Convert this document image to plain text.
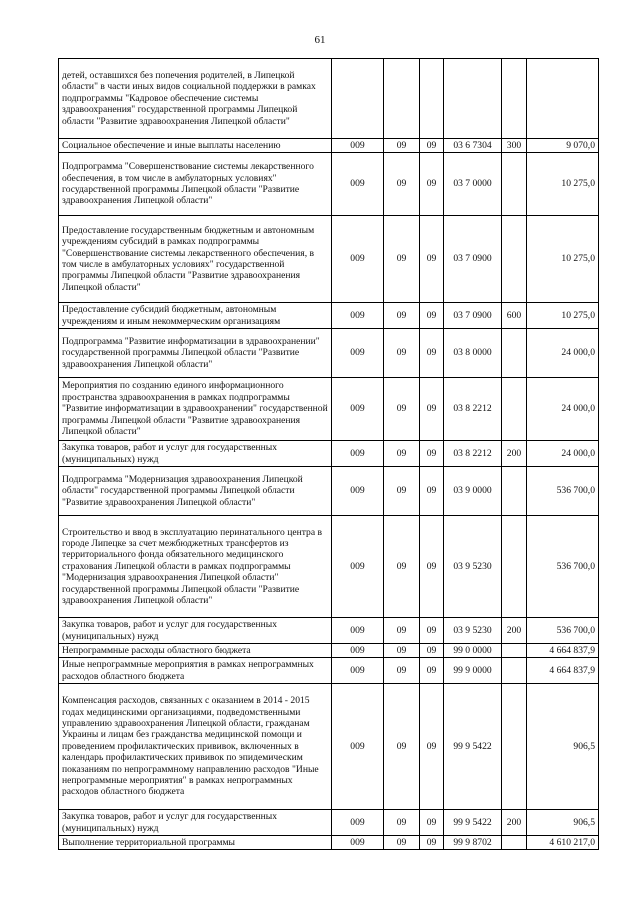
61
детей, оставшихся без попечения родителей, в Липецкой области" в части иных видов социальной поддержки в рамках подпрограммы "Кадровое обеспечение системы здравоохранения" государственной программы Липецкой области "Развитие здравоохранения Липецкой области"						
Социальное обеспечение и иные выплаты населению	009	09	09	03 6 7304	300	9 070,0
Подпрограмма "Совершенствование системы лекарственного обеспечения, в том числе в амбулаторных условиях" государственной программы Липецкой области "Развитие здравоохранения Липецкой области"	009	09	09	03 7 0000		10 275,0
Предоставление государственным бюджетным и автономным учреждениям субсидий в рамках подпрограммы "Совершенствование системы лекарственного обеспечения, в том числе в амбулаторных условиях" государственной программы Липецкой области "Развитие здравоохранения Липецкой области"	009	09	09	03 7 0900		10 275,0
Предоставление субсидий бюджетным, автономным учреждениям и иным некоммерческим организациям	009	09	09	03 7 0900	600	10 275,0
Подпрограмма "Развитие информатизации в здравоохранении" государственной программы Липецкой области "Развитие здравоохранения Липецкой области"	009	09	09	03 8 0000		24 000,0
Мероприятия по созданию единого информационного пространства здравоохранения в рамках подпрограммы "Развитие информатизации в здравоохранении" государственной программы Липецкой области "Развитие здравоохранения Липецкой области"	009	09	09	03 8 2212		24 000,0
Закупка товаров, работ и услуг для государственных (муниципальных) нужд	009	09	09	03 8 2212	200	24 000,0
Подпрограмма "Модернизация здравоохранения Липецкой области" государственной программы Липецкой области "Развитие здравоохранения Липецкой области"	009	09	09	03 9 0000		536 700,0
Строительство и ввод в эксплуатацию перинатального центра в городе Липецке за счет межбюджетных трансфертов из территориального фонда обязательного медицинского страхования Липецкой области в рамках подпрограммы "Модернизация здравоохранения Липецкой области" государственной программы Липецкой области "Развитие здравоохранения Липецкой области"	009	09	09	03 9 5230		536 700,0
Закупка товаров, работ и услуг для государственных (муниципальных) нужд	009	09	09	03 9 5230	200	536 700,0
Непрограммные расходы областного бюджета	009	09	09	99 0 0000		4 664 837,9
Иные непрограммные мероприятия в рамках непрограммных расходов областного бюджета	009	09	09	99 9 0000		4 664 837,9
Компенсация расходов, связанных с оказанием в 2014 - 2015 годах медицинскими организациями, подведомственными управлению здравоохранения Липецкой области, гражданам Украины и лицам без гражданства медицинской помощи и проведением профилактических прививок, включенных в календарь профилактических прививок по эпидемическим показаниям по непрограммному направлению расходов "Иные непрограммные мероприятия" в рамках непрограммных расходов областного бюджета	009	09	09	99 9 5422		906,5
Закупка товаров, работ и услуг для государственных (муниципальных) нужд	009	09	09	99 9 5422	200	906,5
Выполнение территориальной программы	009	09	09	99 9 8702		4 610 217,0
